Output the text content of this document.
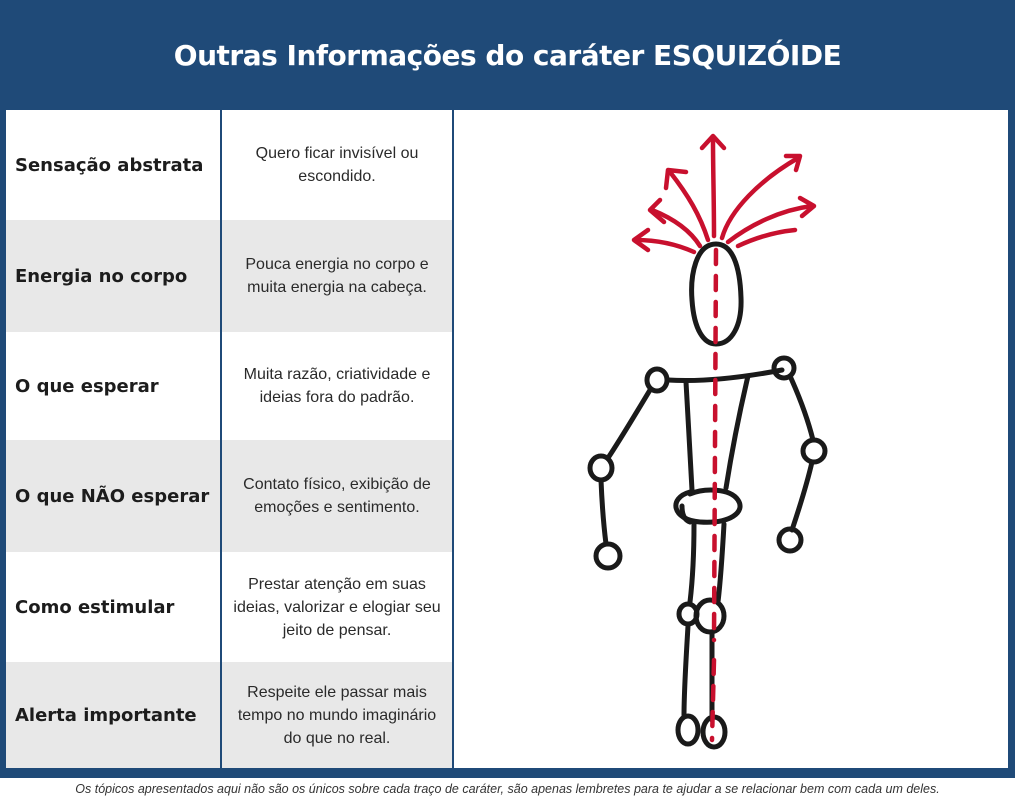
Outras Informações do caráter ESQUIZÓIDE
Sensação abstrata
Quero ficar invisível ou escondido.
Energia no corpo
Pouca energia no corpo e muita energia na cabeça.
O que esperar
Muita razão, criatividade e ideias fora do padrão.
O que NÃO esperar
Contato físico, exibição de emoções e sentimento.
Como estimular
Prestar atenção em suas ideias, valorizar e elogiar seu jeito de pensar.
Alerta importante
Respeite ele passar mais tempo no mundo imaginário do que no real.
Os tópicos apresentados aqui não são os únicos sobre cada traço de caráter, são apenas lembretes para te ajudar a se relacionar bem com cada um deles.
